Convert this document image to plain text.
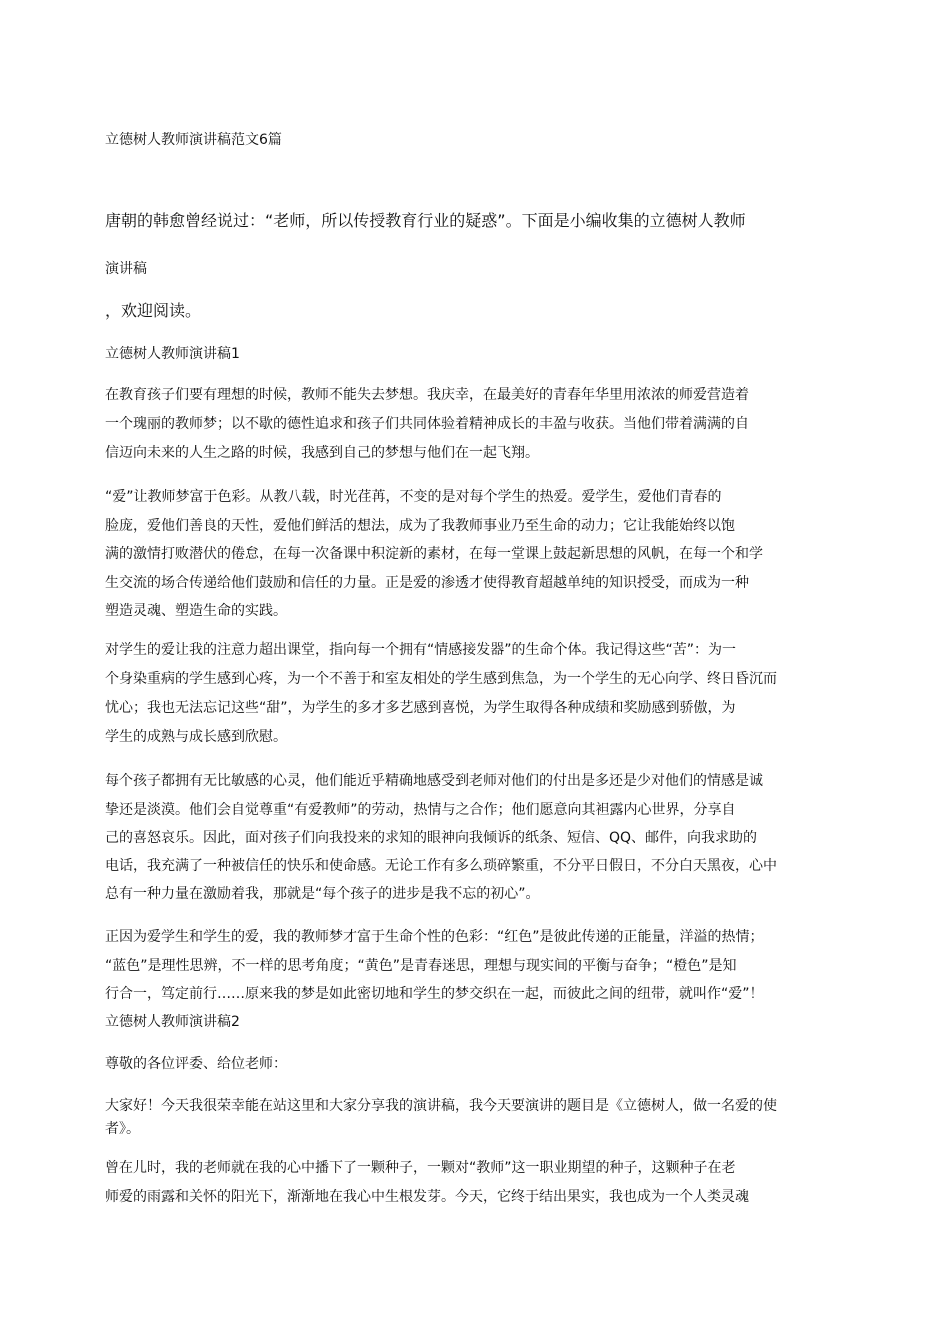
立德树人教师演讲稿范文6篇

唐朝的韩愈曾经说过：“老师，所以传授教育行业的疑惑”。下面是小编收集的立德树人教师

演讲稿

，欢迎阅读。

立德树人教师演讲稿1

在教育孩子们要有理想的时候，教师不能失去梦想。我庆幸，在最美好的青春年华里用浓浓的师爱营造着

一个瑰丽的教师梦；以不歇的德性追求和孩子们共同体验着精神成长的丰盈与收获。当他们带着满满的自

信迈向未来的人生之路的时候，我感到自己的梦想与他们在一起飞翔。

“爱”让教师梦富于色彩。从教八载，时光荏苒，不变的是对每个学生的热爱。爱学生，爱他们青春的

脸庞，爱他们善良的天性，爱他们鲜活的想法，成为了我教师事业乃至生命的动力；它让我能始终以饱

满的激情打败潜伏的倦怠，在每一次备课中积淀新的素材，在每一堂课上鼓起新思想的风帆，在每一个和学

生交流的场合传递给他们鼓励和信任的力量。正是爱的渗透才使得教育超越单纯的知识授受，而成为一种

塑造灵魂、塑造生命的实践。

对学生的爱让我的注意力超出课堂，指向每一个拥有“情感接发器”的生命个体。我记得这些“苦”：为一

个身染重病的学生感到心疼，为一个不善于和室友相处的学生感到焦急，为一个学生的无心向学、终日昏沉而

忧心；我也无法忘记这些“甜”，为学生的多才多艺感到喜悦，为学生取得各种成绩和奖励感到骄傲，为

学生的成熟与成长感到欣慰。

每个孩子都拥有无比敏感的心灵，他们能近乎精确地感受到老师对他们的付出是多还是少对他们的情感是诚

挚还是淡漠。他们会自觉尊重“有爱教师”的劳动，热情与之合作；他们愿意向其袒露内心世界，分享自

己的喜怒哀乐。因此，面对孩子们向我投来的求知的眼神向我倾诉的纸条、短信、QQ、邮件，向我求助的

电话，我充满了一种被信任的快乐和使命感。无论工作有多么琐碎繁重，不分平日假日，不分白天黑夜，心中

总有一种力量在激励着我，那就是“每个孩子的进步是我不忘的初心”。

正因为爱学生和学生的爱，我的教师梦才富于生命个性的色彩：“红色”是彼此传递的正能量，洋溢的热情；

“蓝色”是理性思辨，不一样的思考角度；“黄色”是青春迷思，理想与现实间的平衡与奋争；“橙色”是知

行合一，笃定前行……原来我的梦是如此密切地和学生的梦交织在一起，而彼此之间的纽带，就叫作“爱”！

立德树人教师演讲稿2

尊敬的各位评委、给位老师：

大家好！今天我很荣幸能在站这里和大家分享我的演讲稿，我今天要演讲的题目是《立德树人，做一名爱的使

者》。

曾在儿时，我的老师就在我的心中播下了一颗种子，一颗对“教师”这一职业期望的种子，这颗种子在老

师爱的雨露和关怀的阳光下，渐渐地在我心中生根发芽。今天，它终于结出果实，我也成为一个人类灵魂
